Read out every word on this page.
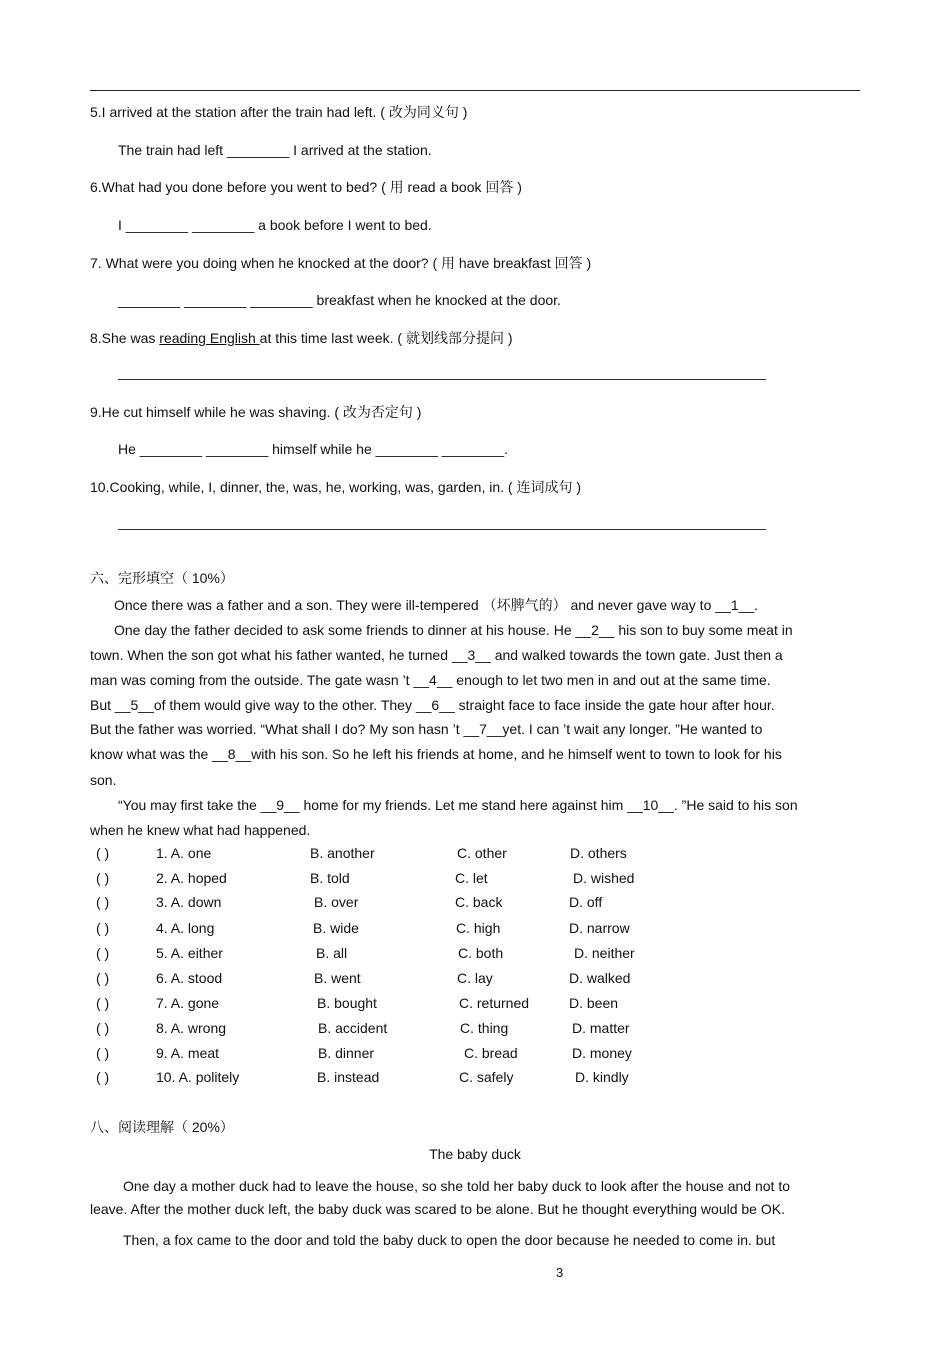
5.I arrived at the station after the train had left. ( 改为同义句 )
The train had left ________ I arrived at the station.
6.What had you done before you went to bed? ( 用 read a book 回答 )
I ________ ________ a book before I went to bed.
7. What were you doing when he knocked at the door? ( 用 have breakfast 回答 )
________ ________ ________ breakfast when he knocked at the door.
8.She was reading English at this time last week. ( 就划线部分提问 )
9.He cut himself while he was shaving. ( 改为否定句 )
He ________ ________ himself while he ________ ________.
10.Cooking, while, I, dinner, the, was, he, working, was, garden, in. ( 连词成句 )
六、完形填空（ 10%）
Once there was a father and a son. They were ill-tempered （坏脾气的） and never gave way to __1__.
One day the father decided to ask some friends to dinner at his house. He __2__ his son to buy some meat in
town. When the son got what his father wanted, he turned __3__ and walked towards the town gate. Just then a
man was coming from the outside. The gate wasn ’t __4__ enough to let two men in and out at the same time.
But __5__of them would give way to the other. They __6__ straight face to face inside the gate hour after hour.
But the father was worried. “What shall I do? My son hasn ’t __7__yet. I can ’t wait any longer. ”He wanted to
know what was the __8__with his son. So he left his friends at home, and he himself went to town to look for his
son.
“You may first take the __9__ home for my friends. Let me stand here against him __10__. ”He said to his son
when he knew what had happened.
( )	1. A. one	B. another	C. other	D. others
( )	2. A. hoped	B. told	C. let	D. wished
( )	3. A. down	B. over	C. back	D. off
( )	4. A. long	B. wide	C. high	D. narrow
( )	5. A. either	B. all	C. both	D. neither
( )	6. A. stood	B. went	C. lay	D. walked
( )	7. A. gone	B. bought	C. returned	D. been
( )	8. A. wrong	B. accident	C. thing	D. matter
( )	9. A. meat	B. dinner	C. bread	D. money
( )	10. A. politely	B. instead	C. safely	D. kindly
八、阅读理解（ 20%）
The baby duck
One day a mother duck had to leave the house, so she told her baby duck to look after the house and not to
leave. After the mother duck left, the baby duck was scared to be alone. But he thought everything would be OK.
Then, a fox came to the door and told the baby duck to open the door because he needed to come in. but
3
